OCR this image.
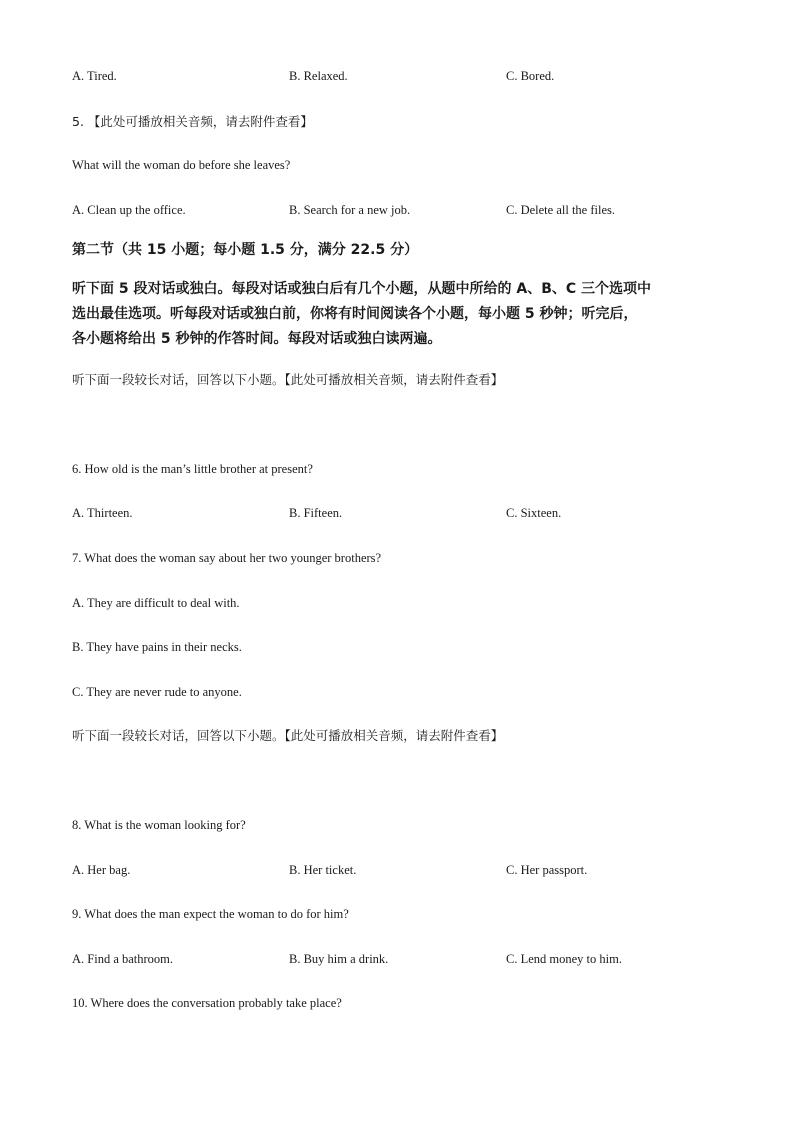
A. Tired.	B. Relaxed.	C. Bored.
5. 【此处可播放相关音频，请去附件查看】
What will the woman do before she leaves?
A. Clean up the office.	B. Search for a new job.	C. Delete all the files.
第二节（共 15 小题；每小题 1.5 分，满分 22.5 分）
听下面 5 段对话或独白。每段对话或独白后有几个小题，从题中所给的 A、B、C 三个选项中
选出最佳选项。听每段对话或独白前，你将有时间阅读各个小题，每小题 5 秒钟；听完后，
各小题将给出 5 秒钟的作答时间。每段对话或独白读两遍。
听下面一段较长对话，回答以下小题。【此处可播放相关音频，请去附件查看】
6. How old is the man’s little brother at present?
A. Thirteen.	B. Fifteen.	C. Sixteen.
7. What does the woman say about her two younger brothers?
A. They are difficult to deal with.
B. They have pains in their necks.
C. They are never rude to anyone.
听下面一段较长对话，回答以下小题。【此处可播放相关音频，请去附件查看】
8. What is the woman looking for?
A. Her bag.	B. Her ticket.	C. Her passport.
9. What does the man expect the woman to do for him?
A. Find a bathroom.	B. Buy him a drink.	C. Lend money to him.
10. Where does the conversation probably take place?
